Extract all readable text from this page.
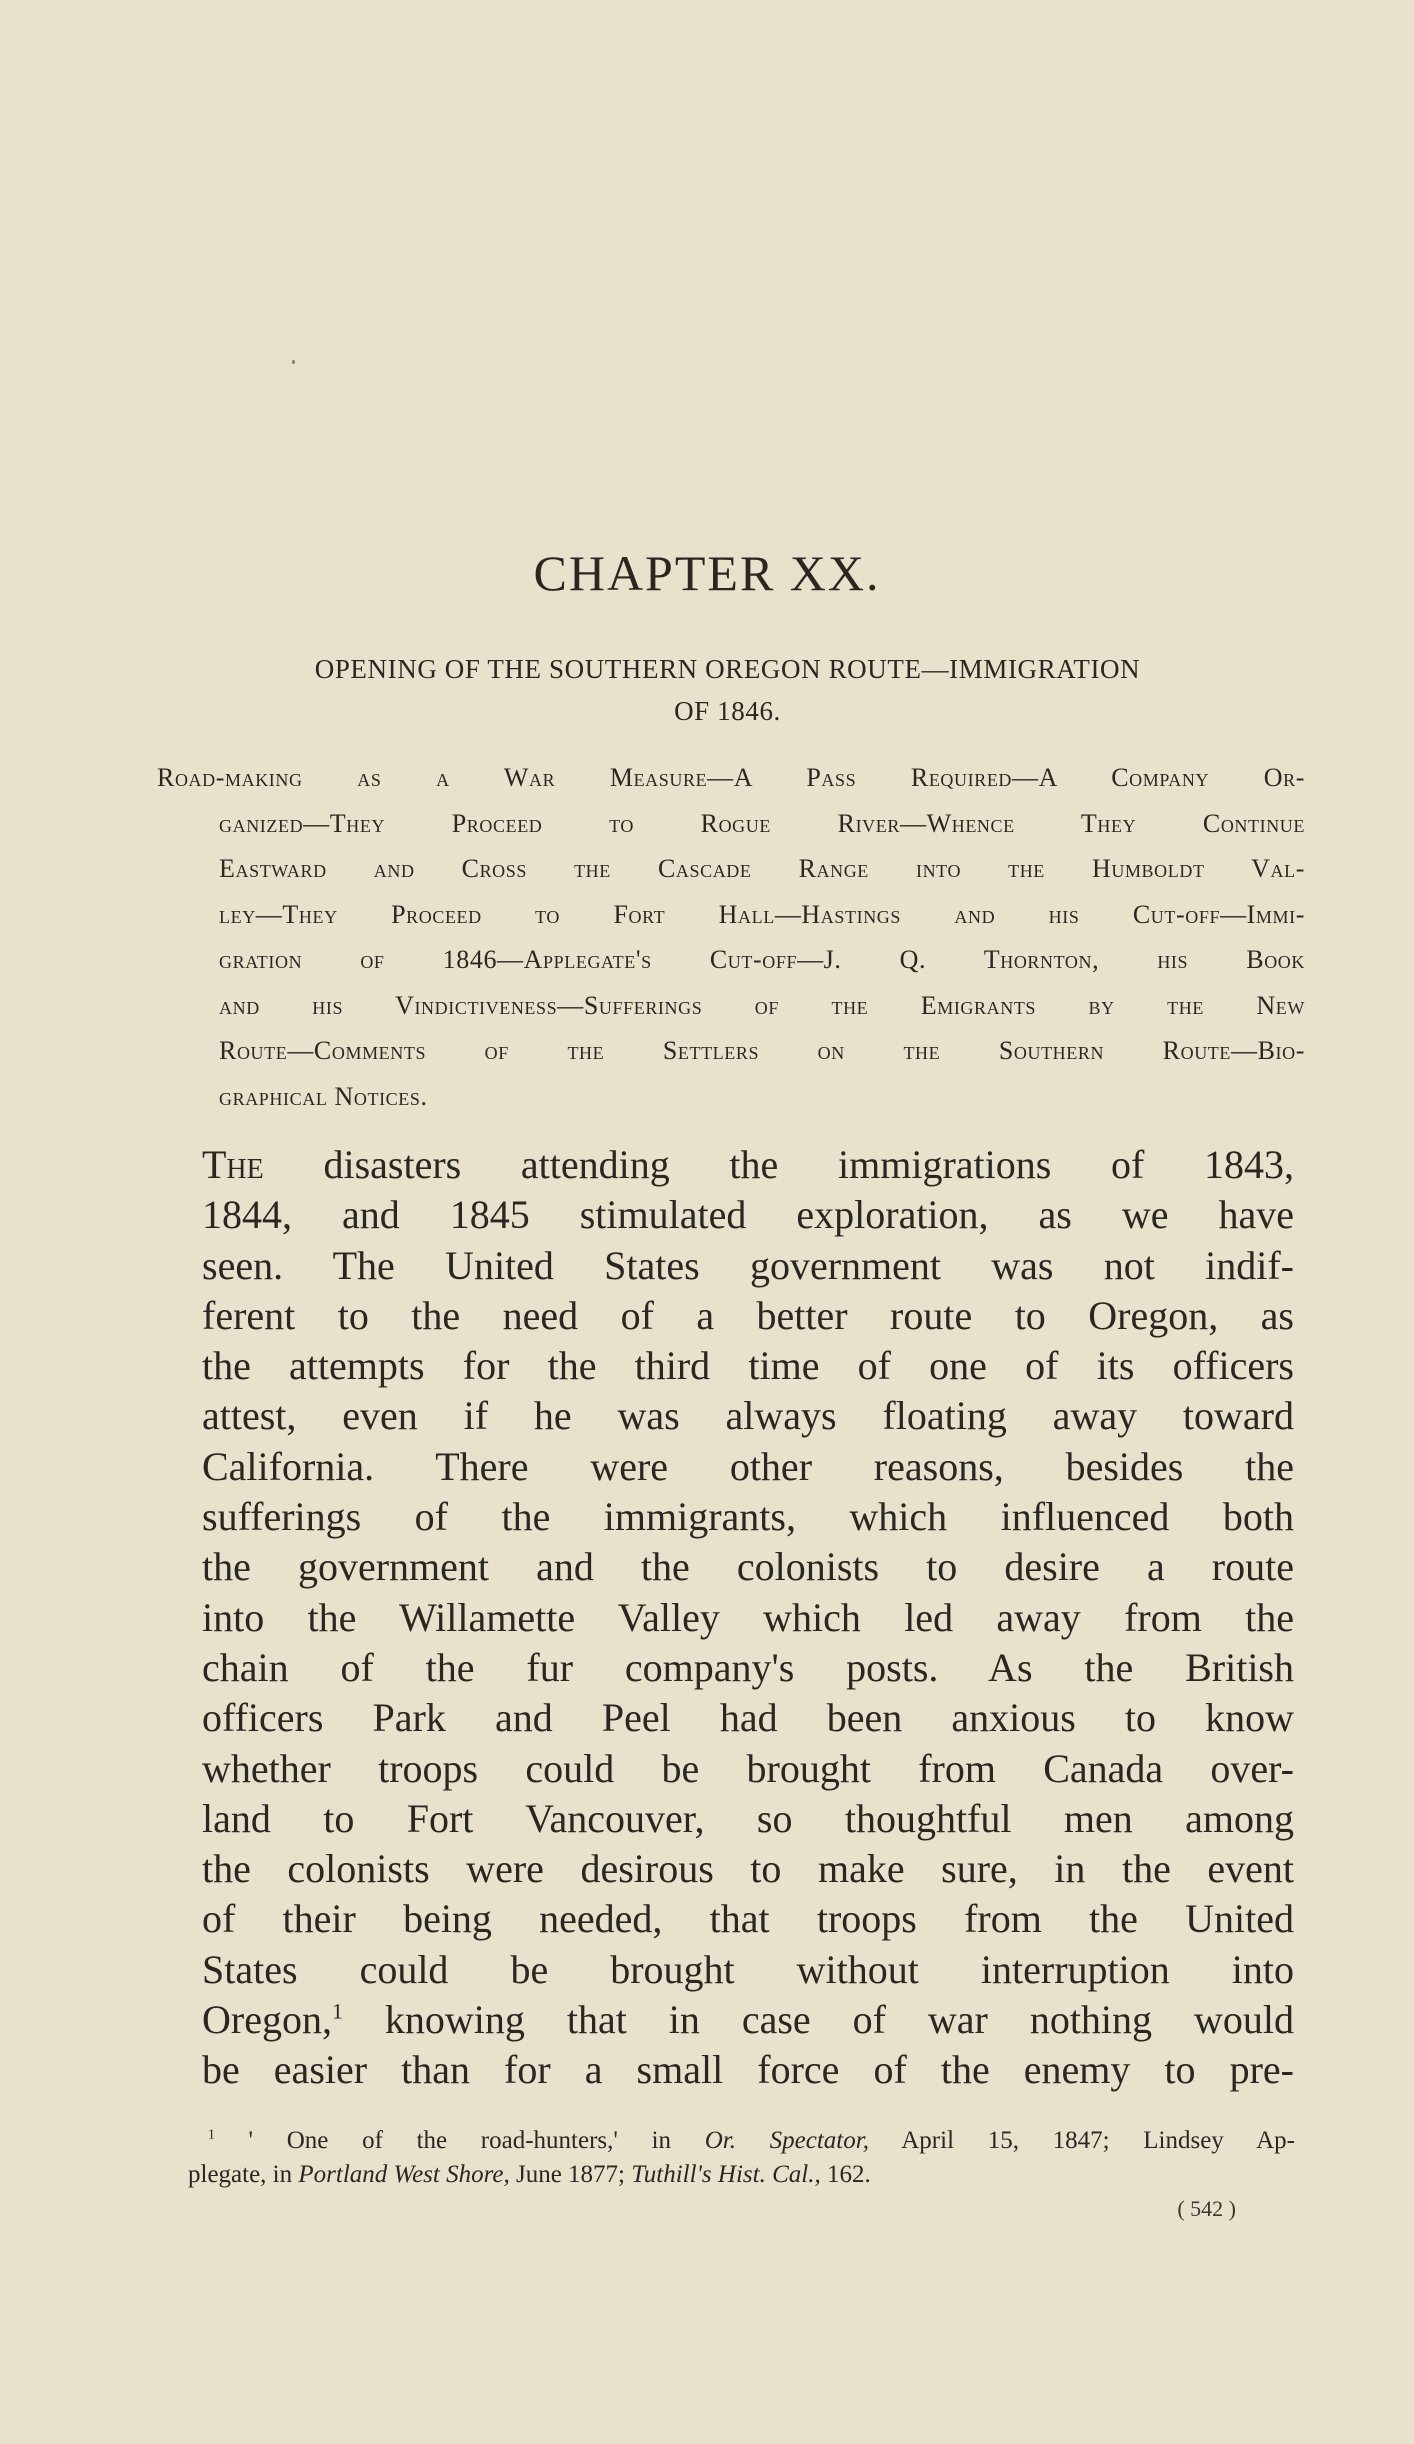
CHAPTER XX.
OPENING OF THE SOUTHERN OREGON ROUTE—IMMIGRATION
OF 1846.
Road-making as a War Measure—A Pass Required—A Company Or-
ganized—They Proceed to Rogue River—Whence They Continue
Eastward and Cross the Cascade Range into the Humboldt Val-
ley—They Proceed to Fort Hall—Hastings and his Cut-off—Immi-
gration of 1846—Applegate's Cut-off—J. Q. Thornton, his Book
and his Vindictiveness—Sufferings of the Emigrants by the New
Route—Comments of the Settlers on the Southern Route—Bio-
graphical Notices.
The disasters attending the immigrations of 1843,
1844, and 1845 stimulated exploration, as we have
seen. The United States government was not indif-
ferent to the need of a better route to Oregon, as
the attempts for the third time of one of its officers
attest, even if he was always floating away toward
California. There were other reasons, besides the
sufferings of the immigrants, which influenced both
the government and the colonists to desire a route
into the Willamette Valley which led away from the
chain of the fur company's posts. As the British
officers Park and Peel had been anxious to know
whether troops could be brought from Canada over-
land to Fort Vancouver, so thoughtful men among
the colonists were desirous to make sure, in the event
of their being needed, that troops from the United
States could be brought without interruption into
Oregon,$^1$ knowing that in case of war nothing would
be easier than for a small force of the enemy to pre-
$^1$ ' One of the road-hunters,' in Or. Spectator, April 15, 1847; Lindsey Ap-
plegate, in Portland West Shore, June 1877; Tuthill's Hist. Cal., 162.
( 542 )
